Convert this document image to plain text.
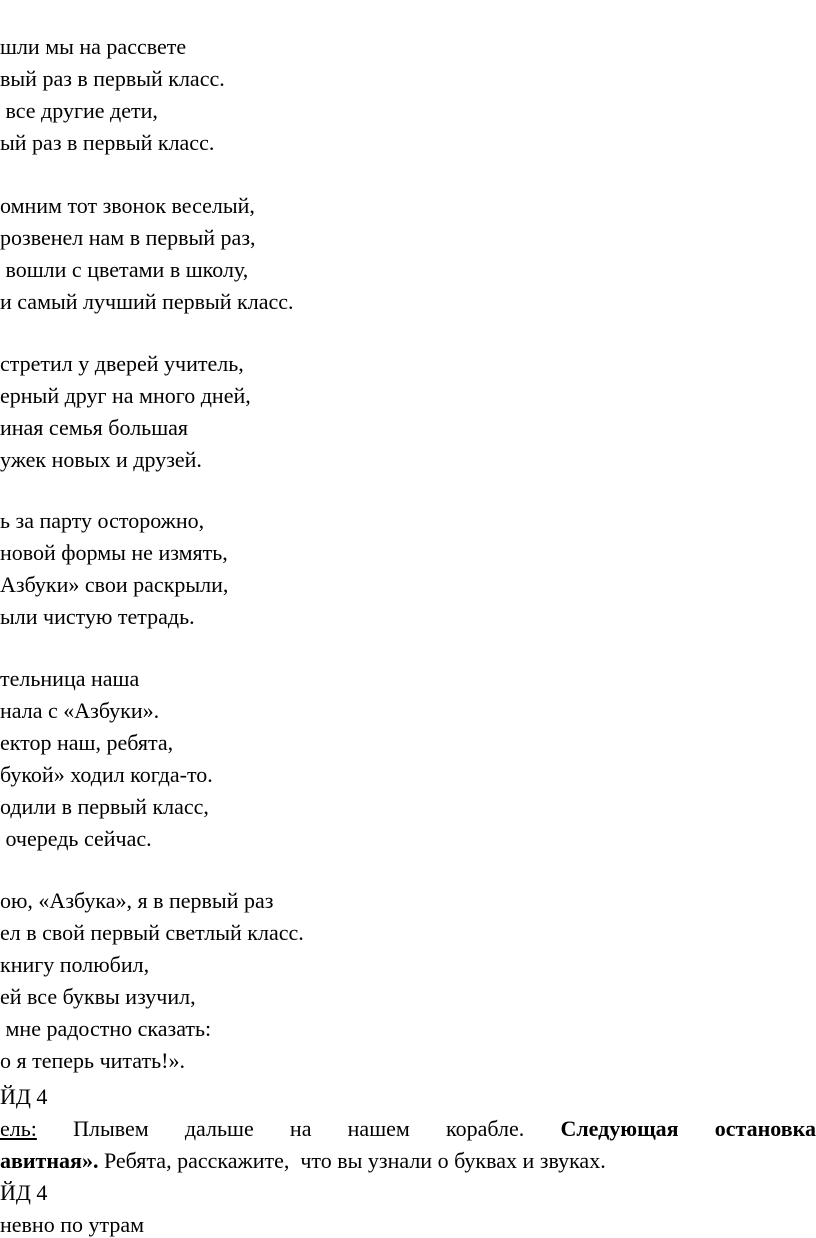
шли мы на рассвете
вый раз в первый класс.
все другие дети,
ый раз в первый класс.
омним тот звонок веселый,
розвенел нам в первый раз,
вошли с цветами в школу,
и самый лучший первый класс.
стретил у дверей учитель,
ерный друг на много дней,
иная семья большая
ужек новых и друзей.
ь за парту осторожно,
новой формы не измять,
Азбуки» свои раскрыли,
ыли чистую тетрадь.
тельница наша
нала с «Азбуки».
ектор наш, ребята,
букой» ходил когда-то.
одили в первый класс,
очередь сейчас.
ою, «Азбука», я в первый раз
ел в свой первый светлый класс.
книгу полюбил,
ей все буквы изучил,
мне радостно сказать:
о я теперь читать!».
ЙД 4
ель: Плывем дальше на нашем корабле. Следующая остановка
авитная». Ребята, расскажите,  что вы узнали о буквах и звуках.
ЙД 4
невно по утрам
